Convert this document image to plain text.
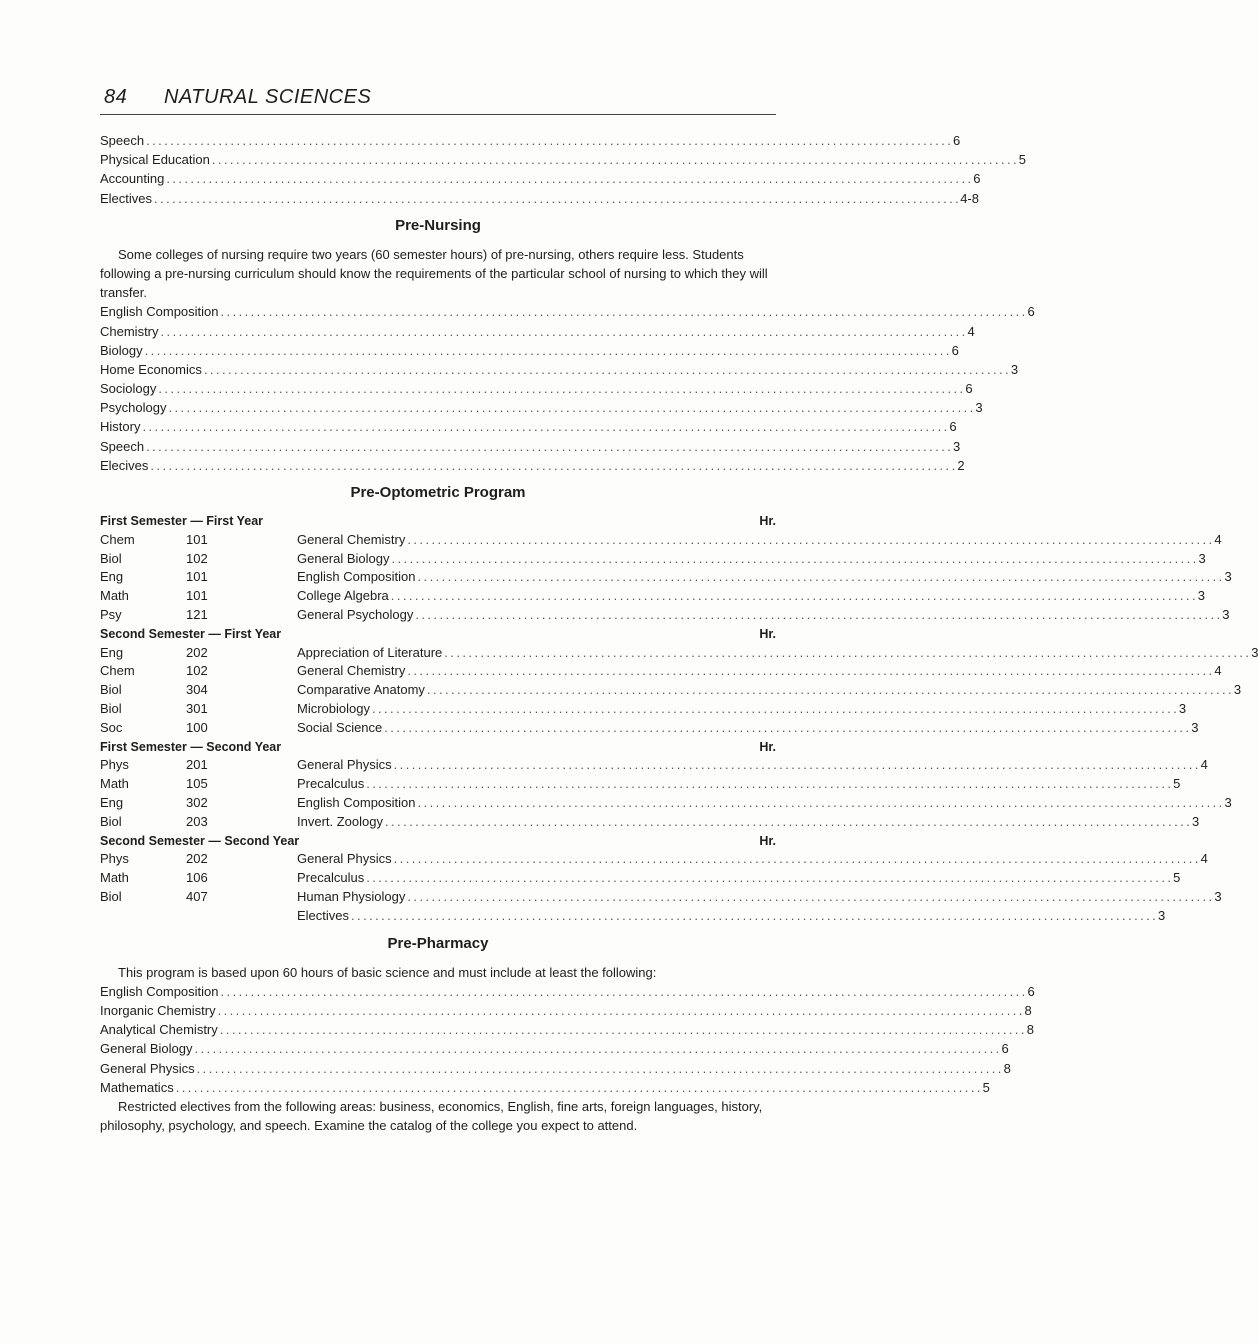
84 NATURAL SCIENCES
Speech . . .	6
Physical Education . . .	5
Accounting . . .	6
Electives . . .	4-8
Pre-Nursing

Some colleges of nursing require two years (60 semester hours) of pre-nursing, others require less. Students following a pre-nursing curriculum should know the requirements of the particular school of nursing to which they will transfer.

English Composition . . .	6
Chemistry . . .	4
Biology . . .	6
Home Economics . . .	3
Sociology . . .	6
Psychology . . .	3
History . . .	6
Speech . . .	3
Elecives . . .	2
Pre-Optometric Program
First Semester — First Year	Hr.
Chem	101	General Chemistry . . .	4
Biol	102	General Biology . . .	3
Eng	101	English Composition . . .	3
Math	101	College Algebra . . .	3
Psy	121	General Psychology . . .	3
Second Semester — First Year	Hr.
Eng	202	Appreciation of Literature . . .	3
Chem	102	General Chemistry . . .	4
Biol	304	Comparative Anatomy . . .	3
Biol	301	Microbiology . . .	3
Soc	100	Social Science . . .	3
First Semester — Second Year	Hr.
Phys	201	General Physics . . .	4
Math	105	Precalculus . . .	5
Eng	302	English Composition . . .	3
Biol	203	Invert. Zoology . . .	3
Second Semester — Second Year	Hr.
Phys	202	General Physics . . .	4
Math	106	Precalculus . . .	5
Biol	407	Human Physiology . . .	3
Electives . . .	3
Pre-Pharmacy

This program is based upon 60 hours of basic science and must include at least the following:

English Composition . . .	6
Inorganic Chemistry . . .	8
Analytical Chemistry . . .	8
General Biology . . .	6
General Physics . . .	8
Mathematics . . .	5

Restricted electives from the following areas: business, economics, English, fine arts, foreign languages, history, philosophy, psychology, and speech. Examine the catalog of the college you expect to attend.
